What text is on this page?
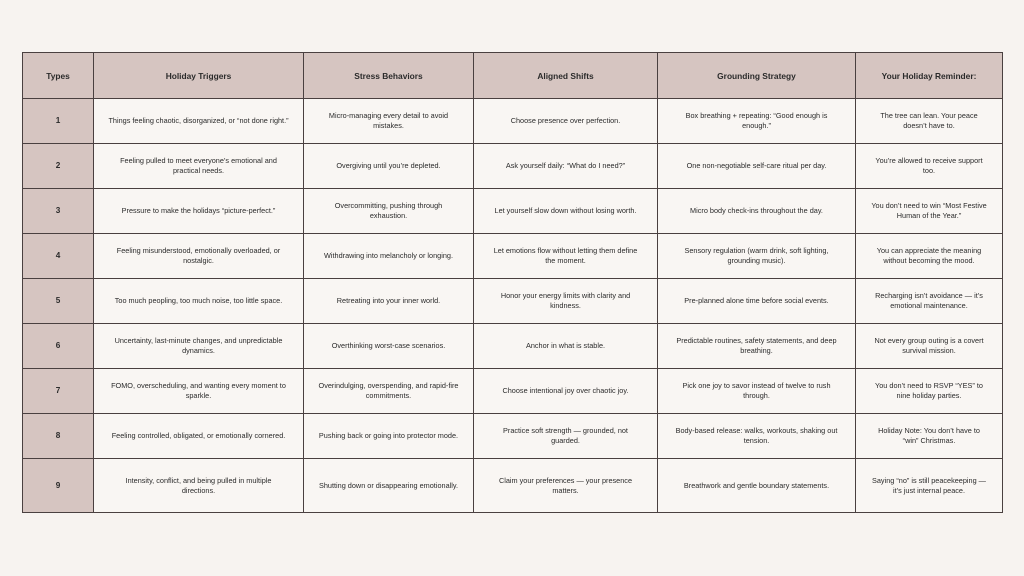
Types	Holiday Triggers	Stress Behaviors	Aligned Shifts	Grounding Strategy	Your Holiday Reminder:
1	Things feeling chaotic, disorganized, or “not done right.”	Micro-managing every detail to avoid mistakes.	Choose presence over perfection.	Box breathing + repeating: “Good enough is enough.”	The tree can lean. Your peace doesn’t have to.
2	Feeling pulled to meet everyone’s emotional and practical needs.	Overgiving until you’re depleted.	Ask yourself daily: “What do I need?”	One non-negotiable self-care ritual per day.	You’re allowed to receive support too.
3	Pressure to make the holidays “picture-perfect.”	Overcommitting, pushing through exhaustion.	Let yourself slow down without losing worth.	Micro body check-ins throughout the day.	You don’t need to win “Most Festive Human of the Year.”
4	Feeling misunderstood, emotionally overloaded, or nostalgic.	Withdrawing into melancholy or longing.	Let emotions flow without letting them define the moment.	Sensory regulation (warm drink, soft lighting, grounding music).	You can appreciate the meaning without becoming the mood.
5	Too much peopling, too much noise, too little space.	Retreating into your inner world.	Honor your energy limits with clarity and kindness.	Pre-planned alone time before social events.	Recharging isn’t avoidance — it’s emotional maintenance.
6	Uncertainty, last-minute changes, and unpredictable dynamics.	Overthinking worst-case scenarios.	Anchor in what is stable.	Predictable routines, safety statements, and deep breathing.	Not every group outing is a covert survival mission.
7	FOMO, overscheduling, and wanting every moment to sparkle.	Overindulging, overspending, and rapid-fire commitments.	Choose intentional joy over chaotic joy.	Pick one joy to savor instead of twelve to rush through.	You don’t need to RSVP “YES” to nine holiday parties.
8	Feeling controlled, obligated, or emotionally cornered.	Pushing back or going into protector mode.	Practice soft strength — grounded, not guarded.	Body-based release: walks, workouts, shaking out tension.	Holiday Note: You don’t have to “win” Christmas.
9	Intensity, conflict, and being pulled in multiple directions.	Shutting down or disappearing emotionally.	Claim your preferences — your presence matters.	Breathwork and gentle boundary statements.	Saying “no” is still peacekeeping — it’s just internal peace.
